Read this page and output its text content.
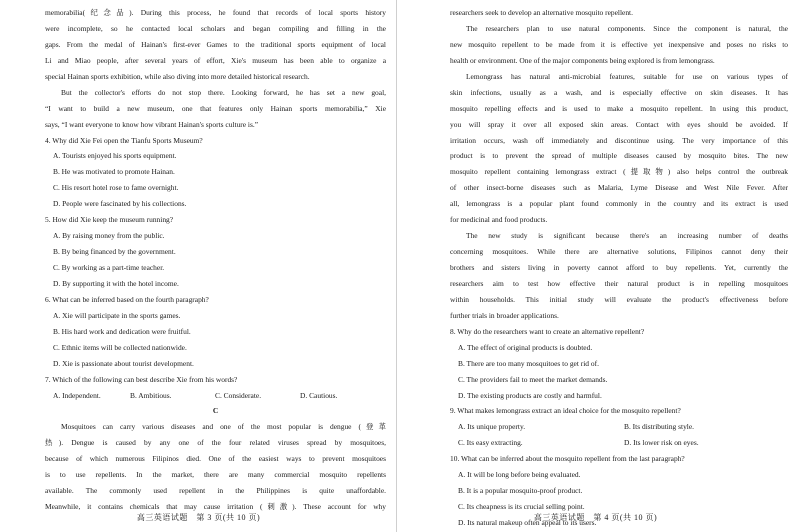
memorabilia(纪念品). During this process, he found that records of local sports history
were incomplete, so he contacted local scholars and began compiling and filling in the
gaps. From the medal of Hainan's first-ever Games to the traditional sports equipment of local
Li and Miao people, after several years of effort, Xie's museum has been able to organize a
special Hainan sports exhibition, while also diving into more detailed historical research.
But the collector's efforts do not stop there. Looking forward, he has set a new goal,
“I want to build a new museum, one that features only Hainan sports memorabilia,” Xie
says, “I want everyone to know how vibrant Hainan's sports culture is.”
4. Why did Xie Fei open the Tianfu Sports Museum?
A. Tourists enjoyed his sports equipment.
B. He was motivated to promote Hainan.
C. His resort hotel rose to fame overnight.
D. People were fascinated by his collections.
5. How did Xie keep the museum running?
A. By raising money from the public.
B. By being financed by the government.
C. By working as a part-time teacher.
D. By supporting it with the hotel income.
6. What can be inferred based on the fourth paragraph?
A. Xie will participate in the sports games.
B. His hard work and dedication were fruitful.
C. Ethnic items will be collected nationwide.
D. Xie is passionate about tourist development.
7. Which of the following can best describe Xie from his words?
A. Independent.	B. Ambitious.	C. Considerate.	D. Cautious.
C
Mosquitoes can carry various diseases and one of the most popular is dengue (登革
热). Dengue is caused by any one of the four related viruses spread by mosquitoes,
because of which numerous Filipinos died. One of the easiest ways to prevent mosquitoes
is to use repellents. In the market, there are many commercial mosquito repellents
available. The commonly used repellent in the Philippines is quite unaffordable.
Meanwhile, it contains chemicals that may cause irritation (刺激). These account for why
高三英语试题　第 3 页(共 10 页)
researchers seek to develop an alternative mosquito repellent.
The researchers plan to use natural components. Since the component is natural, the
new mosquito repellent to be made from it is effective yet inexpensive and poses no risks to
health or environment. One of the major components being explored is from lemongrass.
Lemongrass has natural anti-microbial features, suitable for use on various types of
skin infections, usually as a wash, and is especially effective on skin diseases. It has
mosquito repelling effects and is used to make a mosquito repellent. In using this product,
you will spray it over all exposed skin areas. Contact with eyes should be avoided. If
irritation occurs, wash off immediately and discontinue using. The very importance of this
product is to prevent the spread of multiple diseases caused by mosquito bites. The new
mosquito repellent containing lemongrass extract (提取物) also helps control the outbreak
of other insect-borne diseases such as Malaria, Lyme Disease and West Nile Fever. After
all, lemongrass is a popular plant found commonly in the country and its extract is used
for medicinal and food products.
The new study is significant because there's an increasing number of deaths
concerning mosquitoes. While there are alternative solutions, Filipinos cannot deny their
brothers and sisters living in poverty cannot afford to buy repellents. Yet, currently the
researchers aim to test how effective their natural product is in repelling mosquitoes
within households. This initial study will evaluate the product's effectiveness before
further trials in broader applications.
8. Why do the researchers want to create an alternative repellent?
A. The effect of original products is doubted.
B. There are too many mosquitoes to get rid of.
C. The providers fail to meet the market demands.
D. The existing products are costly and harmful.
9. What makes lemongrass extract an ideal choice for the mosquito repellent?
A. Its unique property.	B. Its distributing style.
C. Its easy extracting.	D. Its lower risk on eyes.
10. What can be inferred about the mosquito repellent from the last paragraph?
A. It will be long before being evaluated.
B. It is a popular mosquito-proof product.
C. Its cheapness is its crucial selling point.
D. Its natural makeup often appeal to its users.
高三英语试题　第 4 页(共 10 页)
